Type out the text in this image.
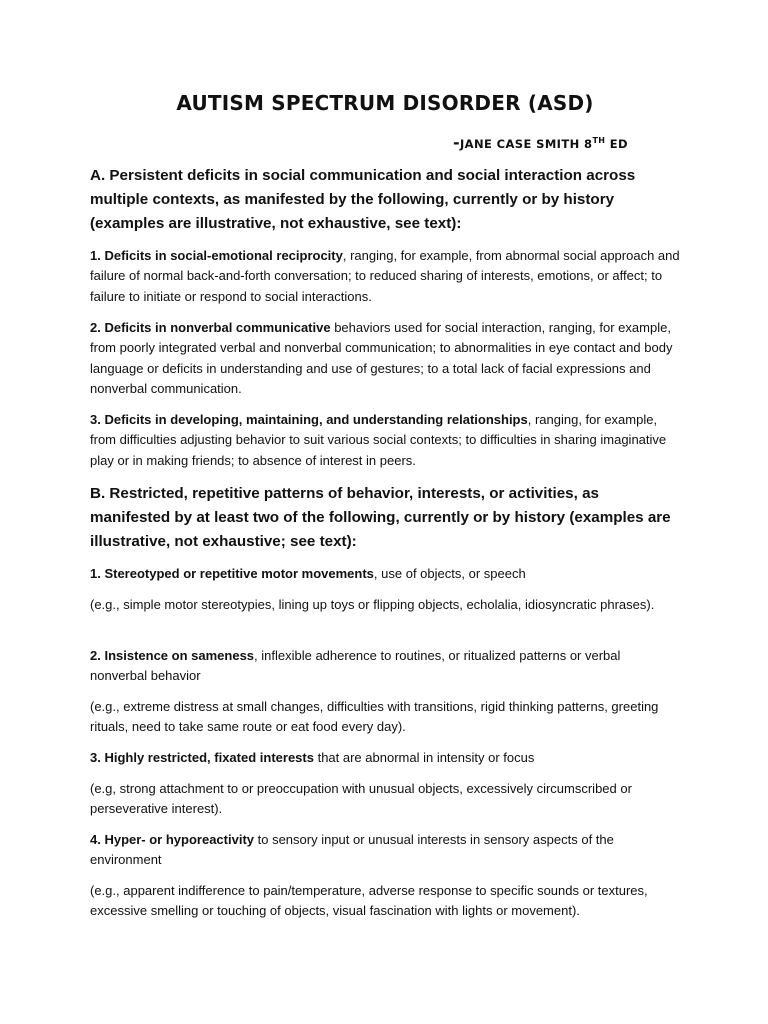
AUTISM SPECTRUM DISORDER (ASD)
-JANE CASE SMITH 8TH ED
A. Persistent deficits in social communication and social interaction across multiple contexts, as manifested by the following, currently or by history (examples are illustrative, not exhaustive, see text):

1. Deficits in social-emotional reciprocity, ranging, for example, from abnormal social approach and failure of normal back-and-forth conversation; to reduced sharing of interests, emotions, or affect; to failure to initiate or respond to social interactions.

2. Deficits in nonverbal communicative behaviors used for social interaction, ranging, for example, from poorly integrated verbal and nonverbal communication; to abnormalities in eye contact and body language or deficits in understanding and use of gestures; to a total lack of facial expressions and nonverbal communication.

3. Deficits in developing, maintaining, and understanding relationships, ranging, for example, from difficulties adjusting behavior to suit various social contexts; to difficulties in sharing imaginative play or in making friends; to absence of interest in peers.

B. Restricted, repetitive patterns of behavior, interests, or activities, as manifested by at least two of the following, currently or by history (examples are illustrative, not exhaustive; see text):

1. Stereotyped or repetitive motor movements, use of objects, or speech

(e.g., simple motor stereotypies, lining up toys or flipping objects, echolalia, idiosyncratic phrases).

2. Insistence on sameness, inflexible adherence to routines, or ritualized patterns or verbal nonverbal behavior

(e.g., extreme distress at small changes, difficulties with transitions, rigid thinking patterns, greeting rituals, need to take same route or eat food every day).

3. Highly restricted, fixated interests that are abnormal in intensity or focus

(e.g, strong attachment to or preoccupation with unusual objects, excessively circumscribed or perseverative interest).

4. Hyper- or hyporeactivity to sensory input or unusual interests in sensory aspects of the environment

(e.g., apparent indifference to pain/temperature, adverse response to specific sounds or textures, excessive smelling or touching of objects, visual fascination with lights or movement).
